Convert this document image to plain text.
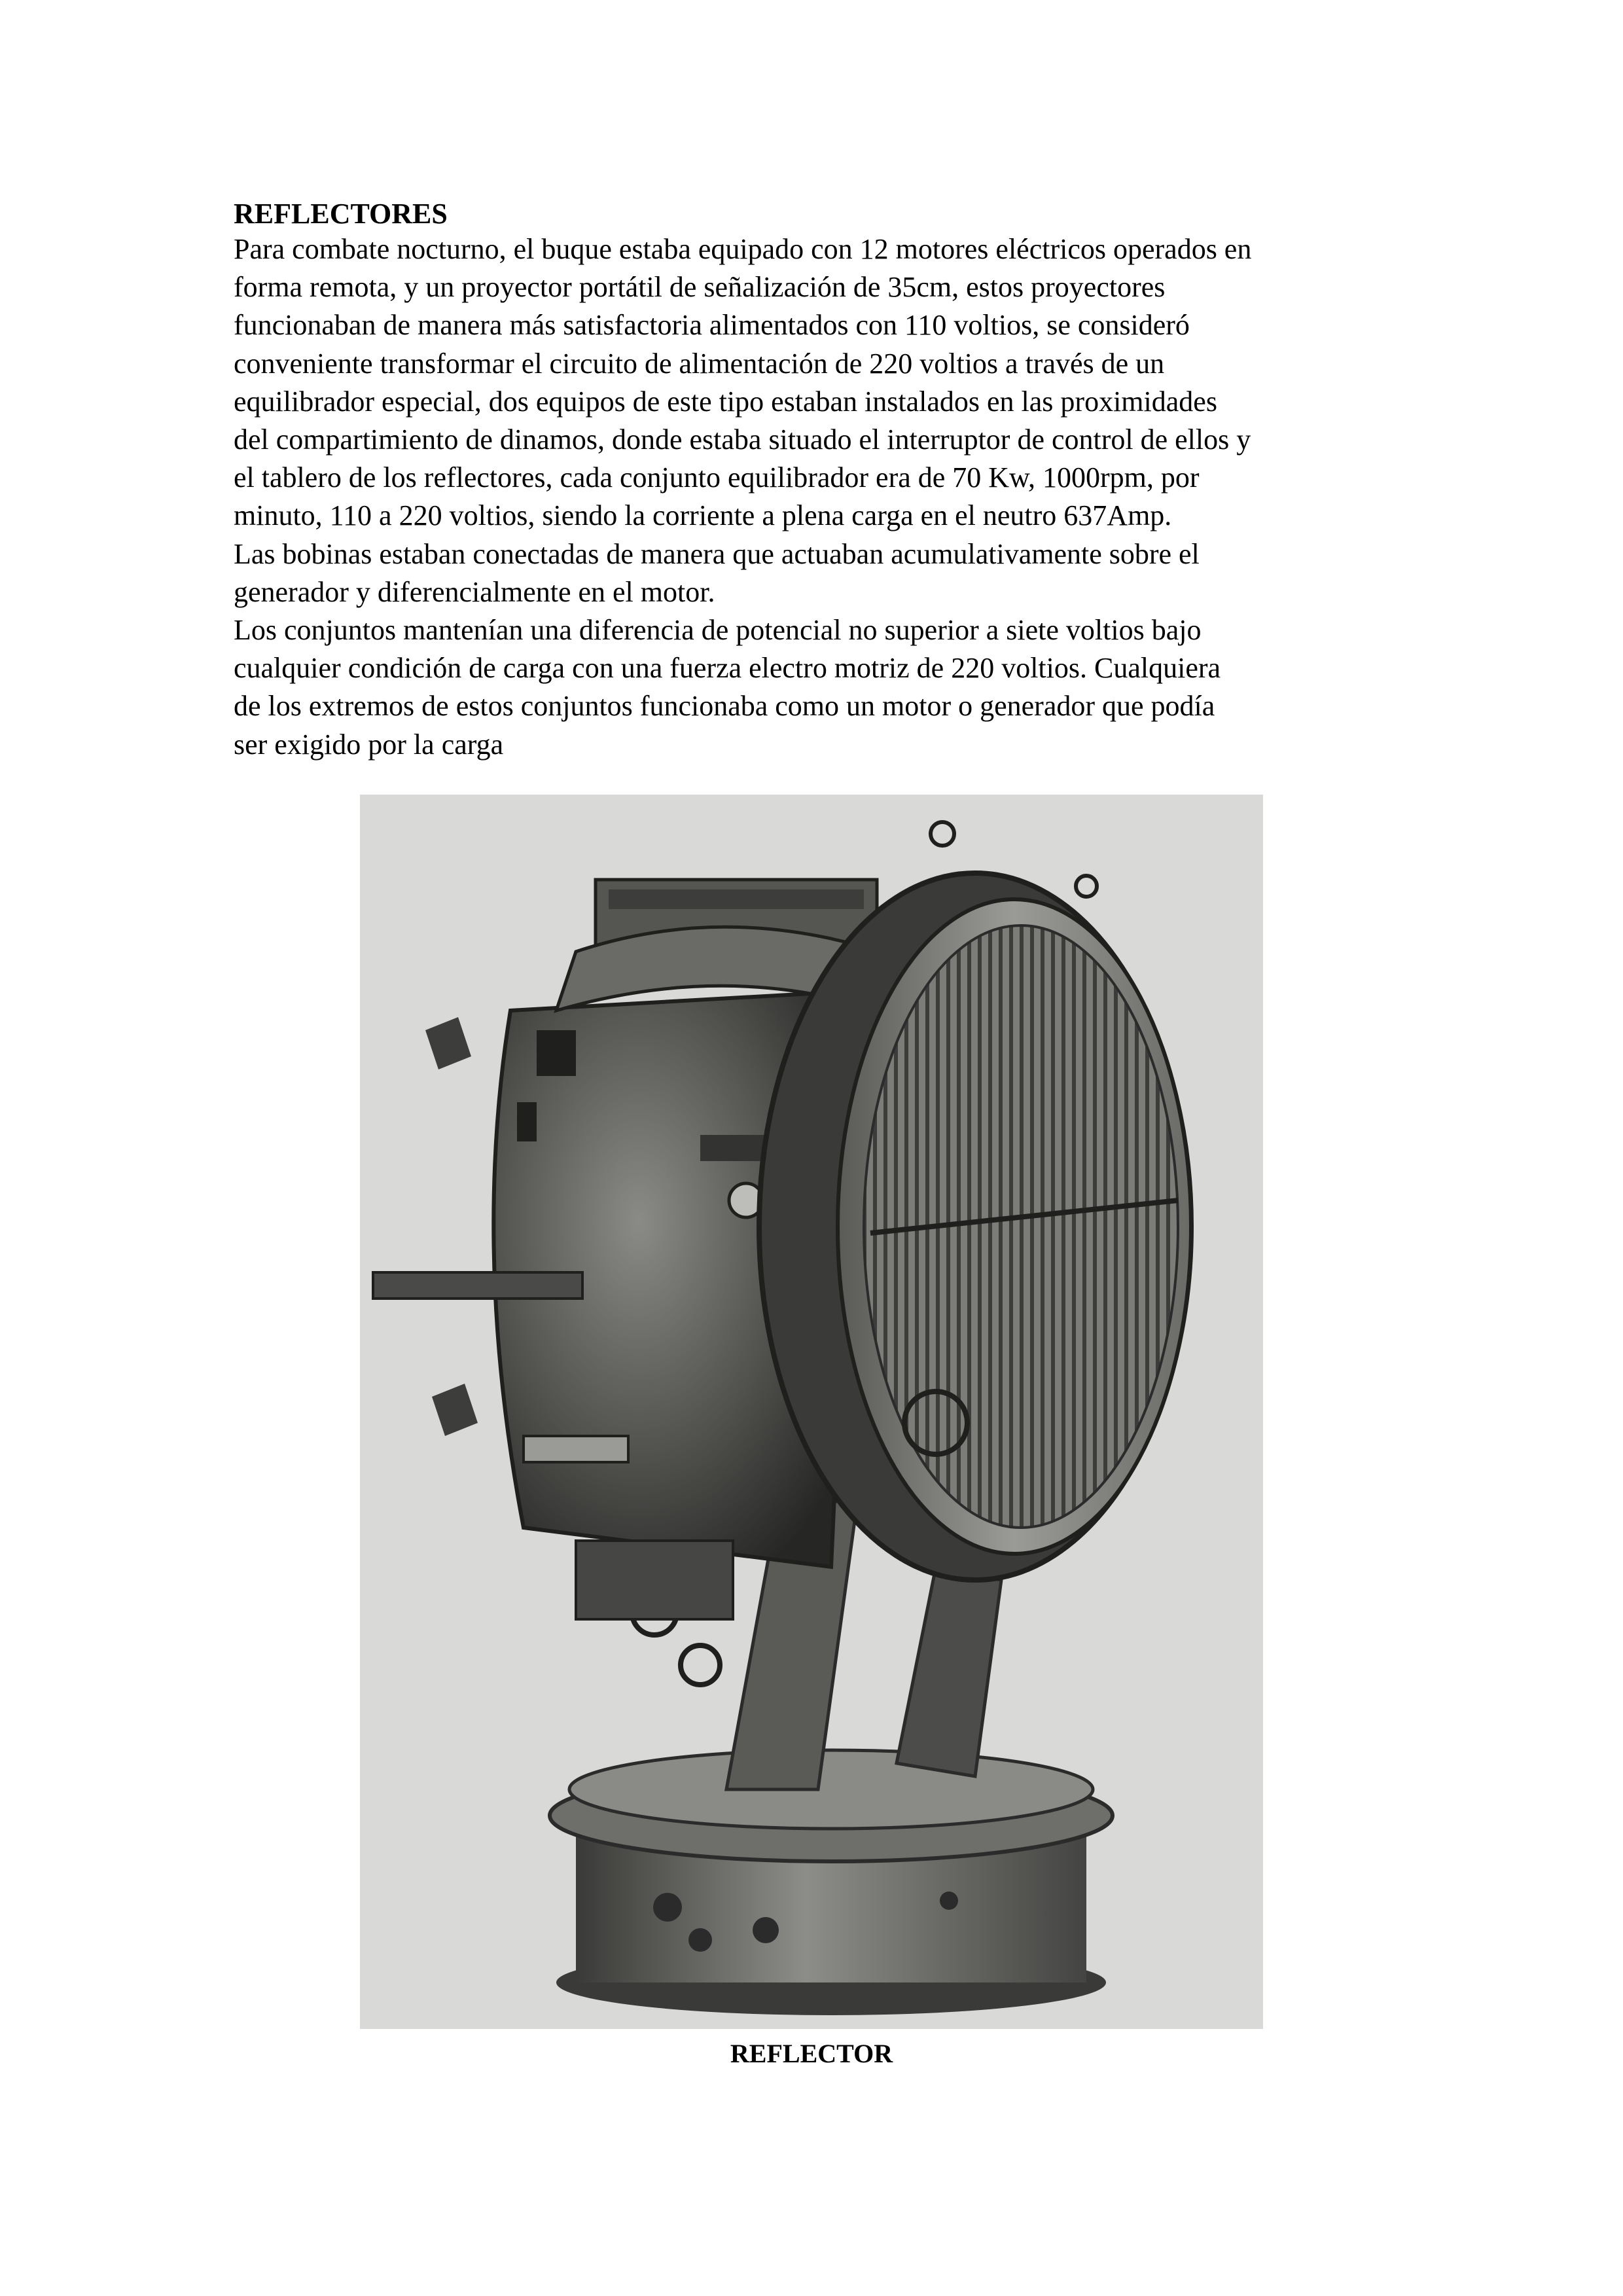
REFLECTORES
Para combate nocturno, el buque estaba equipado con 12 motores eléctricos operados en
forma remota, y un proyector portátil de señalización de 35cm, estos proyectores
funcionaban de manera más satisfactoria alimentados con 110 voltios, se consideró
conveniente transformar el circuito de alimentación de 220 voltios a través de un
equilibrador especial, dos equipos de este tipo estaban instalados en las proximidades
del compartimiento de dinamos, donde estaba situado el interruptor de control de ellos y
el tablero de los reflectores, cada conjunto equilibrador era de 70 Kw, 1000rpm, por
minuto, 110 a 220 voltios, siendo la corriente a plena carga en el neutro 637Amp.
Las bobinas estaban conectadas de manera que actuaban acumulativamente sobre el
generador y diferencialmente en el motor.
Los conjuntos mantenían una diferencia de potencial no superior a siete voltios bajo
cualquier condición de carga con una fuerza electro motriz de 220 voltios. Cualquiera
de los extremos de estos conjuntos funcionaba como un motor o generador que podía
ser exigido por la carga
REFLECTOR
